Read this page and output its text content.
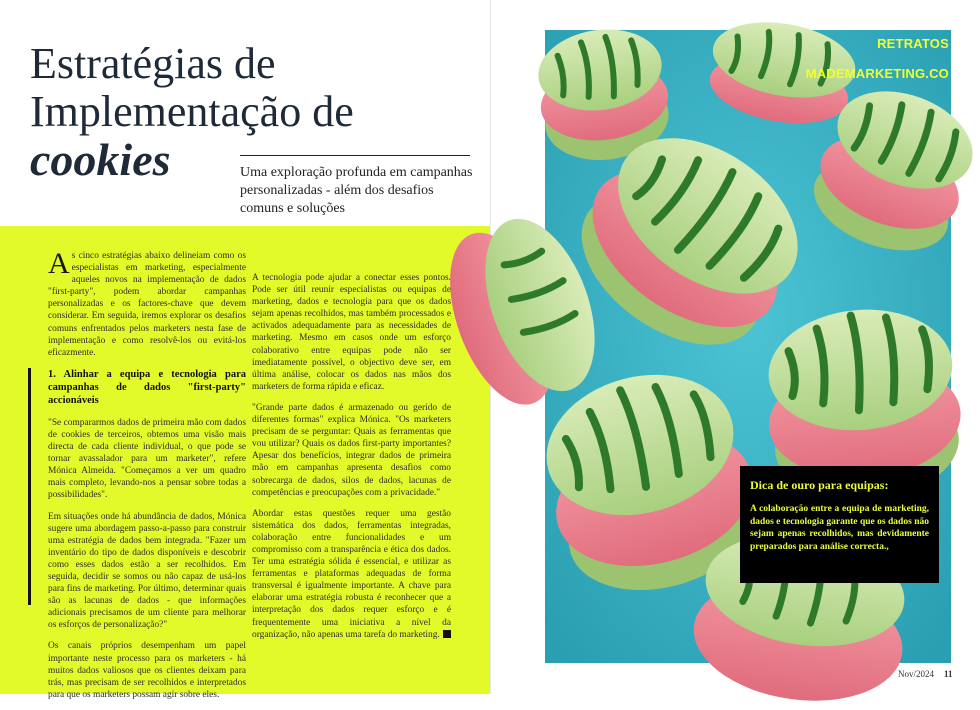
Estratégias de
Implementação de
cookies	Uma exploração profunda em campanhas personalizadas - além dos desafios comuns e soluções

As cinco estratégias abaixo delineiam como os especialistas em marketing, especialmente aqueles novos na implementação de dados "first-party", podem abordar campanhas personalizadas e os factores-chave que devem considerar. Em seguida, iremos explorar os desafios comuns enfrentados pelos marketers nesta fase de implementação e como resolvê-los ou evitá-los eficazmente.

1. Alinhar a equipa e tecnologia para campanhas de dados "first-party" accionáveis

"Se compararmos dados de primeira mão com dados de cookies de terceiros, obtemos uma visão mais directa de cada cliente individual, o que pode se tornar avassalador para um marketer", refere Mónica Almeida. "Começamos a ver um quadro mais completo, levando-nos a pensar sobre todas a possibilidades".

Em situações onde há abundância de dados, Mónica sugere uma abordagem passo-a-passo para construir uma estratégia de dados bem integrada. "Fazer um inventário do tipo de dados disponíveis e descobrir como esses dados estão a ser recolhidos. Em seguida, decidir se somos ou não capaz de usá-los para fins de marketing. Por último, determinar quais são as lacunas de dados - que informações adicionais precisamos de um cliente para melhorar os esforços de personalização?"

Os canais próprios desempenham um papel importante neste processo para os marketers - há muitos dados valiosos que os clientes deixam para trás, mas precisam de ser recolhidos e interpretados para que os marketers possam agir sobre eles.

A tecnologia pode ajudar a conectar esses pontos. Pode ser útil reunir especialistas ou equipas de marketing, dados e tecnologia para que os dados sejam apenas recolhidos, mas também processados e activados adequadamente para as necessidades de marketing. Mesmo em casos onde um esforço colaborativo entre equipas pode não ser imediatamente possível, o objectivo deve ser, em última análise, colocar os dados nas mãos dos marketers de forma rápida e eficaz.

"Grande parte dados é armazenado ou gerido de diferentes formas" explica Mónica. "Os marketers precisam de se perguntar: Quais as ferramentas que vou utilizar? Quais os dados first-party importantes? Apesar dos benefícios, integrar dados de primeira mão em campanhas apresenta desafios como sobrecarga de dados, silos de dados, lacunas de competências e preocupações com a privacidade."

Abordar estas questões requer uma gestão sistemática dos dados, ferramentas integradas, colaboração entre funcionalidades e um compromisso com a transparência e ética dos dados. Ter uma estratégia sólida é essencial, e utilizar as ferramentas e plataformas adequadas de forma transversal é igualmente importante. A chave para elaborar uma estratégia robusta é reconhecer que a interpretação dos dados requer esforço e é frequentemente uma iniciativa a nível da organização, não apenas uma tarefa do marketing.

RETRATOS
MADEMARKETING.CO
Dica de ouro para equipas:
A colaboração entre a equipa de marketing, dados e tecnologia garante que os dados não sejam apenas recolhidos, mas devidamente preparados para análise correcta.,
Nov/2024 11
